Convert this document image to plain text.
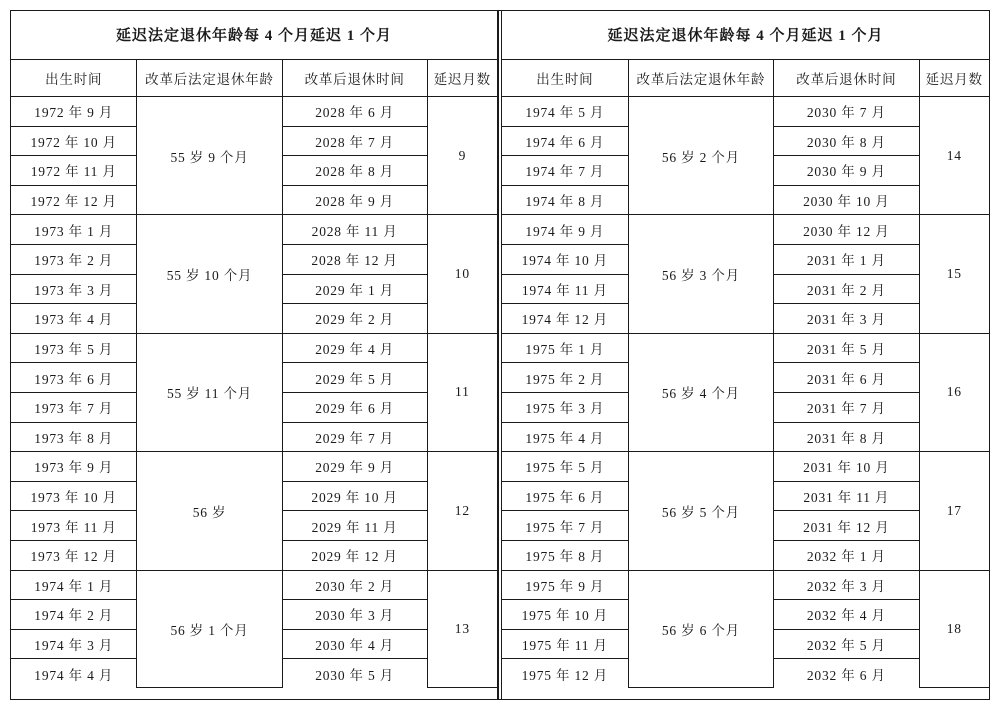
延迟法定退休年龄每 4 个月延迟 1 个月
出生时间	改革后法定退休年龄	改革后退休时间	延迟月数
1972 年 9 月	55 岁 9 个月	2028 年 6 月	9
1972 年 10 月		2028 年 7 月	
1972 年 11 月		2028 年 8 月	
1972 年 12 月		2028 年 9 月	
1973 年 1 月	55 岁 10 个月	2028 年 11 月	10
1973 年 2 月		2028 年 12 月	
1973 年 3 月		2029 年 1 月	
1973 年 4 月		2029 年 2 月	
1973 年 5 月	55 岁 11 个月	2029 年 4 月	11
1973 年 6 月		2029 年 5 月	
1973 年 7 月		2029 年 6 月	
1973 年 8 月		2029 年 7 月	
1973 年 9 月	56 岁	2029 年 9 月	12
1973 年 10 月		2029 年 10 月	
1973 年 11 月		2029 年 11 月	
1973 年 12 月		2029 年 12 月	
1974 年 1 月	56 岁 1 个月	2030 年 2 月	13
1974 年 2 月		2030 年 3 月	
1974 年 3 月		2030 年 4 月	
1974 年 4 月		2030 年 5 月	
延迟法定退休年龄每 4 个月延迟 1 个月
出生时间	改革后法定退休年龄	改革后退休时间	延迟月数
1974 年 5 月	56 岁 2 个月	2030 年 7 月	14
1974 年 6 月		2030 年 8 月	
1974 年 7 月		2030 年 9 月	
1974 年 8 月		2030 年 10 月	
1974 年 9 月	56 岁 3 个月	2030 年 12 月	15
1974 年 10 月		2031 年 1 月	
1974 年 11 月		2031 年 2 月	
1974 年 12 月		2031 年 3 月	
1975 年 1 月	56 岁 4 个月	2031 年 5 月	16
1975 年 2 月		2031 年 6 月	
1975 年 3 月		2031 年 7 月	
1975 年 4 月		2031 年 8 月	
1975 年 5 月	56 岁 5 个月	2031 年 10 月	17
1975 年 6 月		2031 年 11 月	
1975 年 7 月		2031 年 12 月	
1975 年 8 月		2032 年 1 月	
1975 年 9 月	56 岁 6 个月	2032 年 3 月	18
1975 年 10 月		2032 年 4 月	
1975 年 11 月		2032 年 5 月	
1975 年 12 月		2032 年 6 月	
